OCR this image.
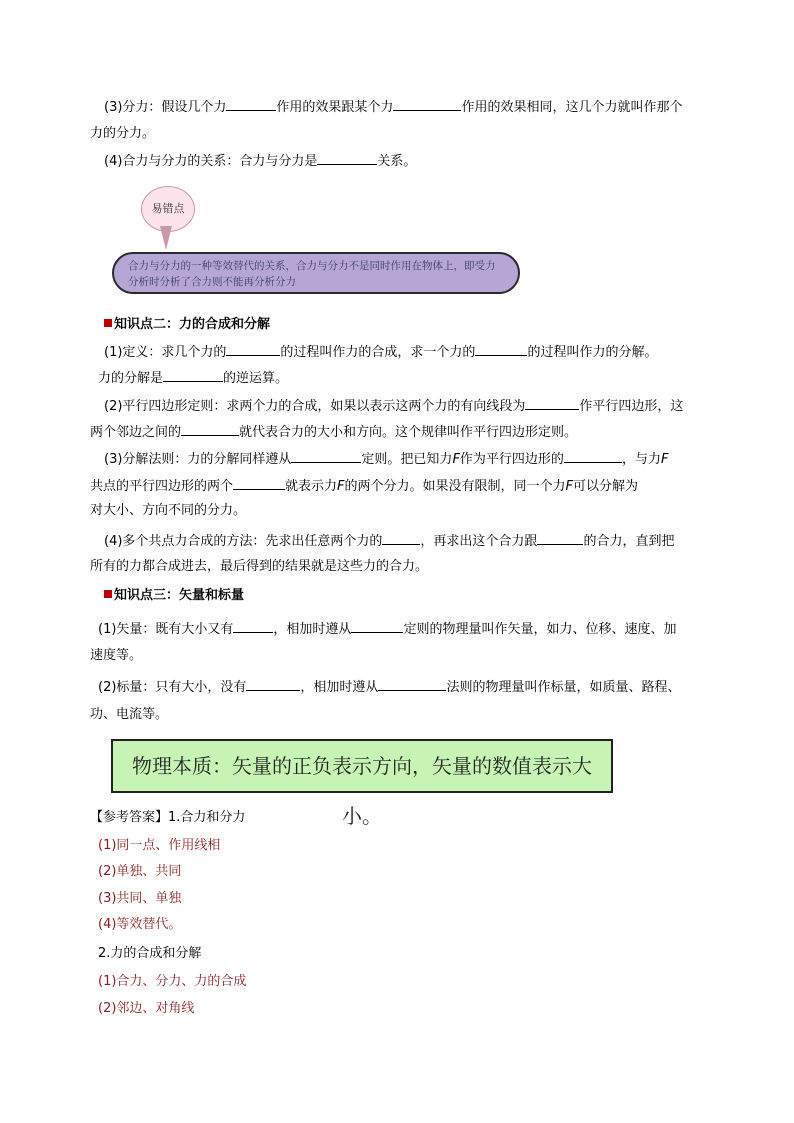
(3)分力：假设几个力	作用的效果跟某个力	作用的效果相同，这几个力就叫作那个
力的分力。
(4)合力与分力的关系：合力与分力是	关系。
易错点
合力与分力的一种等效替代的关系，合力与分力不是同时作用在物体上，即受力分析时分析了合力则不能再分析分力
知识点二：力的合成和分解
(1)定义：求几个力的	的过程叫作力的合成，求一个力的	的过程叫作力的分解。
力的分解是	的逆运算。
(2)平行四边形定则：求两个力的合成，如果以表示这两个力的有向线段为	作平行四边形，这
两个邻边之间的	就代表合力的大小和方向。这个规律叫作平行四边形定则。
(3)分解法则：力的分解同样遵从	定则。把已知力F作为平行四边形的	，与力F
共点的平行四边形的两个	就表示力F的两个分力。如果没有限制，同一个力F可以分解为
对大小、方向不同的分力。
(4)多个共点力合成的方法：先求出任意两个力的	，再求出这个合力跟	的合力，直到把
所有的力都合成进去，最后得到的结果就是这些力的合力。
知识点三：矢量和标量
(1)矢量：既有大小又有	，相加时遵从	定则的物理量叫作矢量，如力、位移、速度、加
速度等。
(2)标量：只有大小，没有	，相加时遵从	法则的物理量叫作标量，如质量、路程、
功、电流等。
物理本质：矢量的正负表示方向，矢量的数值表示大小。
【参考答案】1.合力和分力
(1)同一点、作用线相
(2)单独、共同
(3)共同、单独
(4)等效替代。
2.力的合成和分解
(1)合力、分力、力的合成
(2)邻边、对角线
